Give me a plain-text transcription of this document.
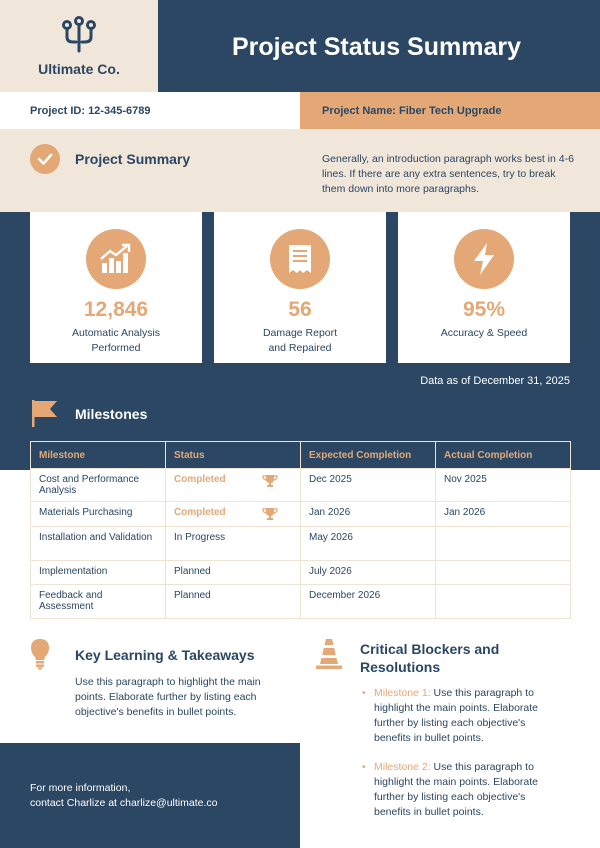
Ultimate Co.
Project Status Summary
Project ID: 12-345-6789	Project Name: Fiber Tech Upgrade
Project Summary	Generally, an introduction paragraph works best in 4-6 lines. If there are any extra sentences, try to break them down into more paragraphs.
12,846
Automatic Analysis
Performed
56
Damage Report
and Repaired
95%
Accuracy & Speed
Data as of December 31, 2025
Milestones
Milestone	Status	Expected Completion	Actual Completion
Cost and Performance Analysis	Completed	Dec 2025	Nov 2025
Materials Purchasing	Completed	Jan 2026	Jan 2026
Installation and Validation	In Progress	May 2026	
Implementation	Planned	July 2026	
Feedback and Assessment	Planned	December 2026	
Key Learning & Takeaways
Use this paragraph to highlight the main points. Elaborate further by listing each objective's benefits in bullet points.
Critical Blockers and Resolutions
• Milestone 1: Use this paragraph to highlight the main points. Elaborate further by listing each objective's benefits in bullet points.
• Milestone 2: Use this paragraph to highlight the main points. Elaborate further by listing each objective's benefits in bullet points.
For more information,
contact Charlize at charlize@ultimate.co
